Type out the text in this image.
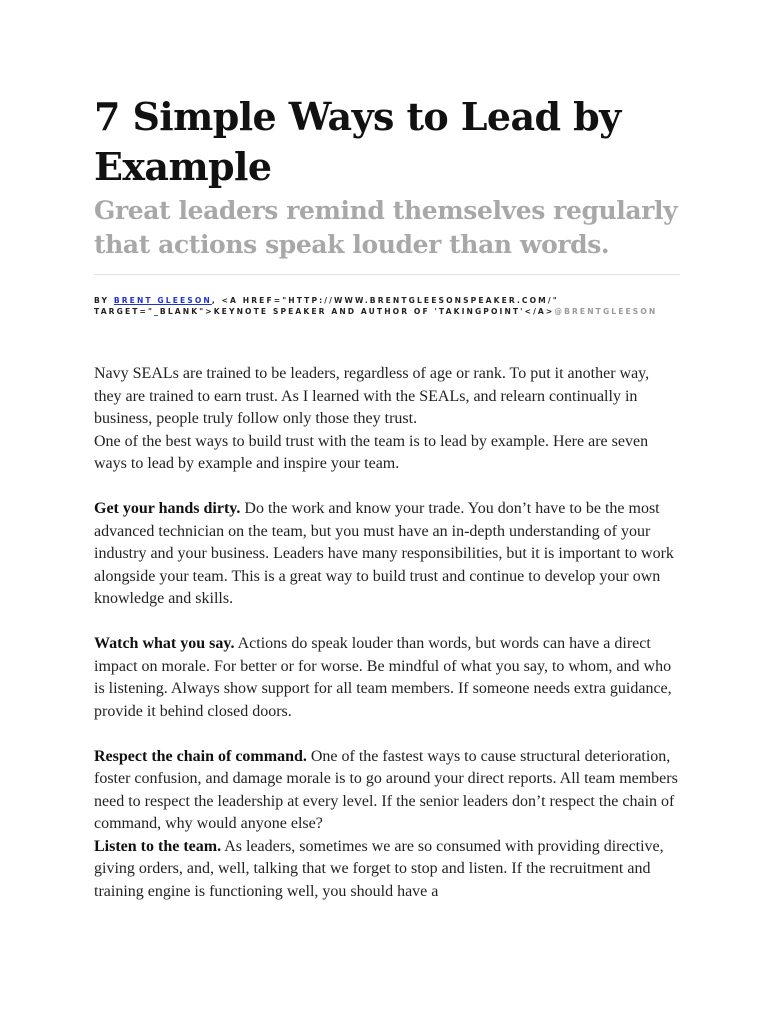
7 Simple Ways to Lead by Example
Great leaders remind themselves regularly that actions speak louder than words.
BY BRENT GLEESON, <A HREF="HTTP://WWW.BRENTGLEESONSPEAKER.COM/"
TARGET="_BLANK">KEYNOTE SPEAKER AND AUTHOR OF 'TAKINGPOINT'</A>@BRENTGLEESON

Navy SEALs are trained to be leaders, regardless of age or rank. To put it another way, they are trained to earn trust. As I learned with the SEALs, and relearn continually in business, people truly follow only those they trust.

One of the best ways to build trust with the team is to lead by example. Here are seven ways to lead by example and inspire your team.

Get your hands dirty. Do the work and know your trade. You don’t have to be the most advanced technician on the team, but you must have an in-depth understanding of your industry and your business. Leaders have many responsibilities, but it is important to work alongside your team. This is a great way to build trust and continue to develop your own knowledge and skills.

Watch what you say. Actions do speak louder than words, but words can have a direct impact on morale. For better or for worse. Be mindful of what you say, to whom, and who is listening. Always show support for all team members. If someone needs extra guidance, provide it behind closed doors.

Respect the chain of command. One of the fastest ways to cause structural deterioration, foster confusion, and damage morale is to go around your direct reports. All team members need to respect the leadership at every level. If the senior leaders don’t respect the chain of command, why would anyone else?

Listen to the team. As leaders, sometimes we are so consumed with providing directive, giving orders, and, well, talking that we forget to stop and listen. If the recruitment and training engine is functioning well, you should have a
